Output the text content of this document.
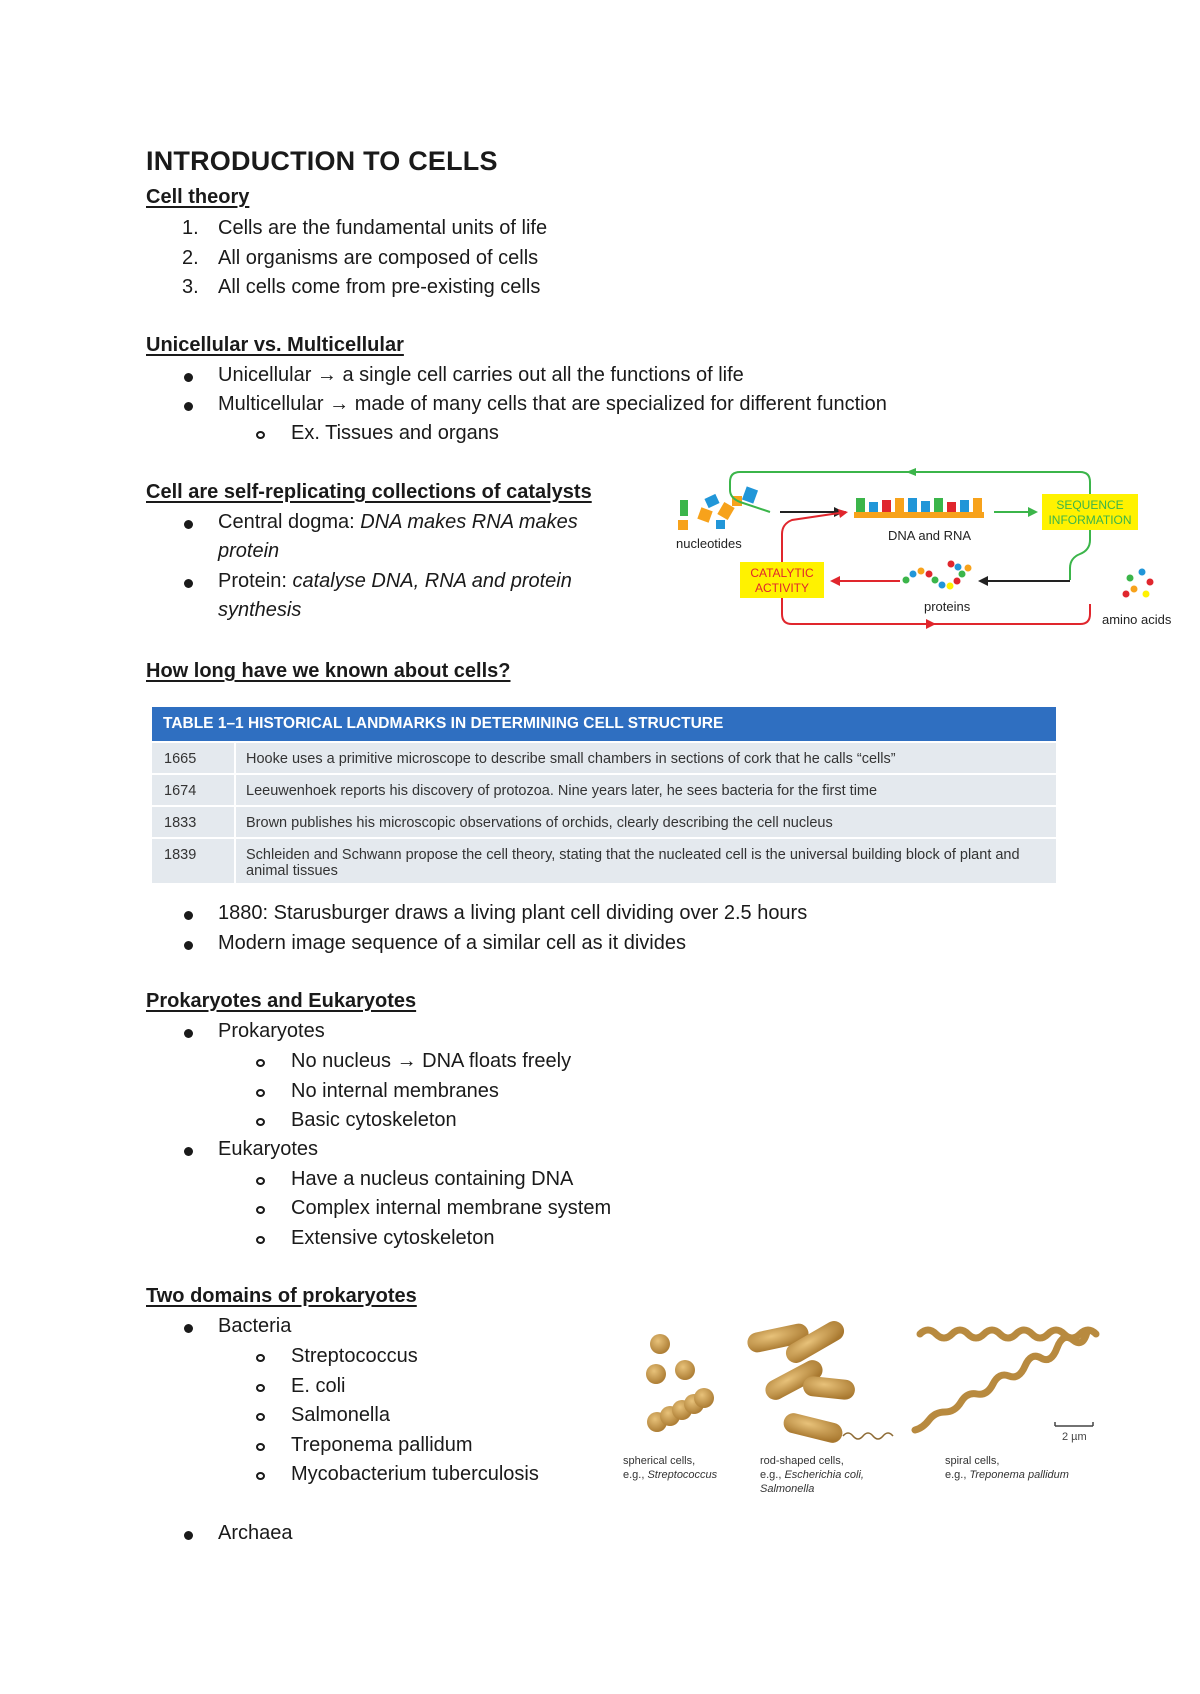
INTRODUCTION TO CELLS
Cell theory
1. Cells are the fundamental units of life
2. All organisms are composed of cells
3. All cells come from pre-existing cells
Unicellular vs. Multicellular
Unicellular → a single cell carries out all the functions of life
Multicellular → made of many cells that are specialized for different function
Ex. Tissues and organs
Cell are self-replicating collections of catalysts
Central dogma: DNA makes RNA makes
protein
Protein: catalyse DNA, RNA and protein
synthesis
nucleotides
DNA and RNA
SEQUENCE
INFORMATION
proteins
amino acids
CATALYTIC
ACTIVITY
How long have we known about cells?
TABLE 1–1 HISTORICAL LANDMARKS IN DETERMINING CELL STRUCTURE
1665	Hooke uses a primitive microscope to describe small chambers in sections of cork that he calls “cells”
1674	Leeuwenhoek reports his discovery of protozoa. Nine years later, he sees bacteria for the first time
1833	Brown publishes his microscopic observations of orchids, clearly describing the cell nucleus
1839	Schleiden and Schwann propose the cell theory, stating that the nucleated cell is the universal building block of plant and animal tissues
1880: Starusburger draws a living plant cell dividing over 2.5 hours
Modern image sequence of a similar cell as it divides
Prokaryotes and Eukaryotes
Prokaryotes
No nucleus → DNA floats freely
No internal membranes
Basic cytoskeleton
Eukaryotes
Have a nucleus containing DNA
Complex internal membrane system
Extensive cytoskeleton
Two domains of prokaryotes
Bacteria
Streptococcus
E. coli
Salmonella
Treponema pallidum
Mycobacterium tuberculosis
Archaea
2 µm
spherical cells,
e.g., Streptococcus
rod-shaped cells,
e.g., Escherichia coli,
Salmonella
spiral cells,
e.g., Treponema pallidum
